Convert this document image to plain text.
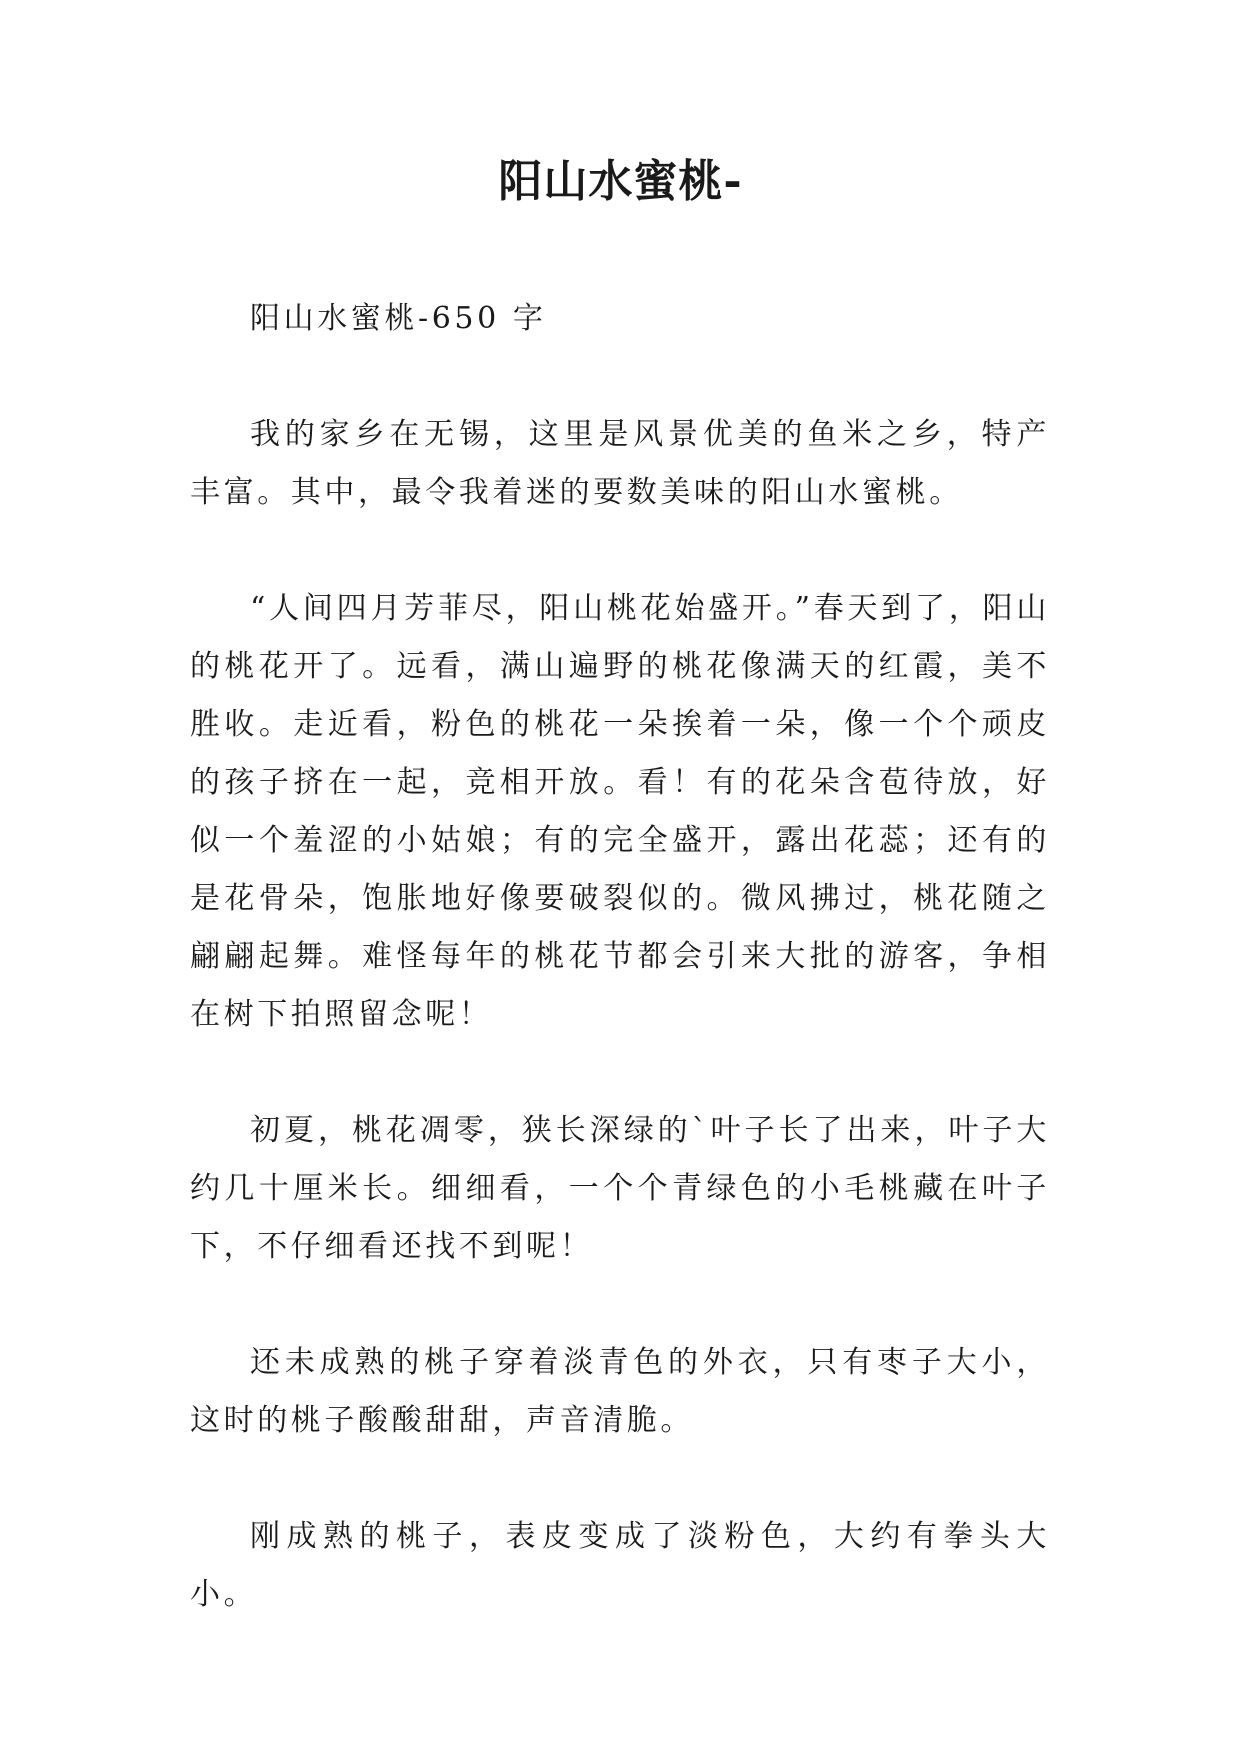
阳山水蜜桃-

阳山水蜜桃-650 字

我的家乡在无锡，这里是风景优美的鱼米之乡，特产丰富。其中，最令我着迷的要数美味的阳山水蜜桃。

“人间四月芳菲尽，阳山桃花始盛开。”春天到了，阳山的桃花开了。远看，满山遍野的桃花像满天的红霞，美不胜收。走近看，粉色的桃花一朵挨着一朵，像一个个顽皮的孩子挤在一起，竞相开放。看！有的花朵含苞待放，好似一个羞涩的小姑娘；有的完全盛开，露出花蕊；还有的是花骨朵，饱胀地好像要破裂似的。微风拂过，桃花随之翩翩起舞。难怪每年的桃花节都会引来大批的游客，争相在树下拍照留念呢！

初夏，桃花凋零，狭长深绿的`叶子长了出来，叶子大约几十厘米长。细细看，一个个青绿色的小毛桃藏在叶子下，不仔细看还找不到呢！

还未成熟的桃子穿着淡青色的外衣，只有枣子大小，这时的桃子酸酸甜甜，声音清脆。

刚成熟的桃子，表皮变成了淡粉色，大约有拳头大小。
